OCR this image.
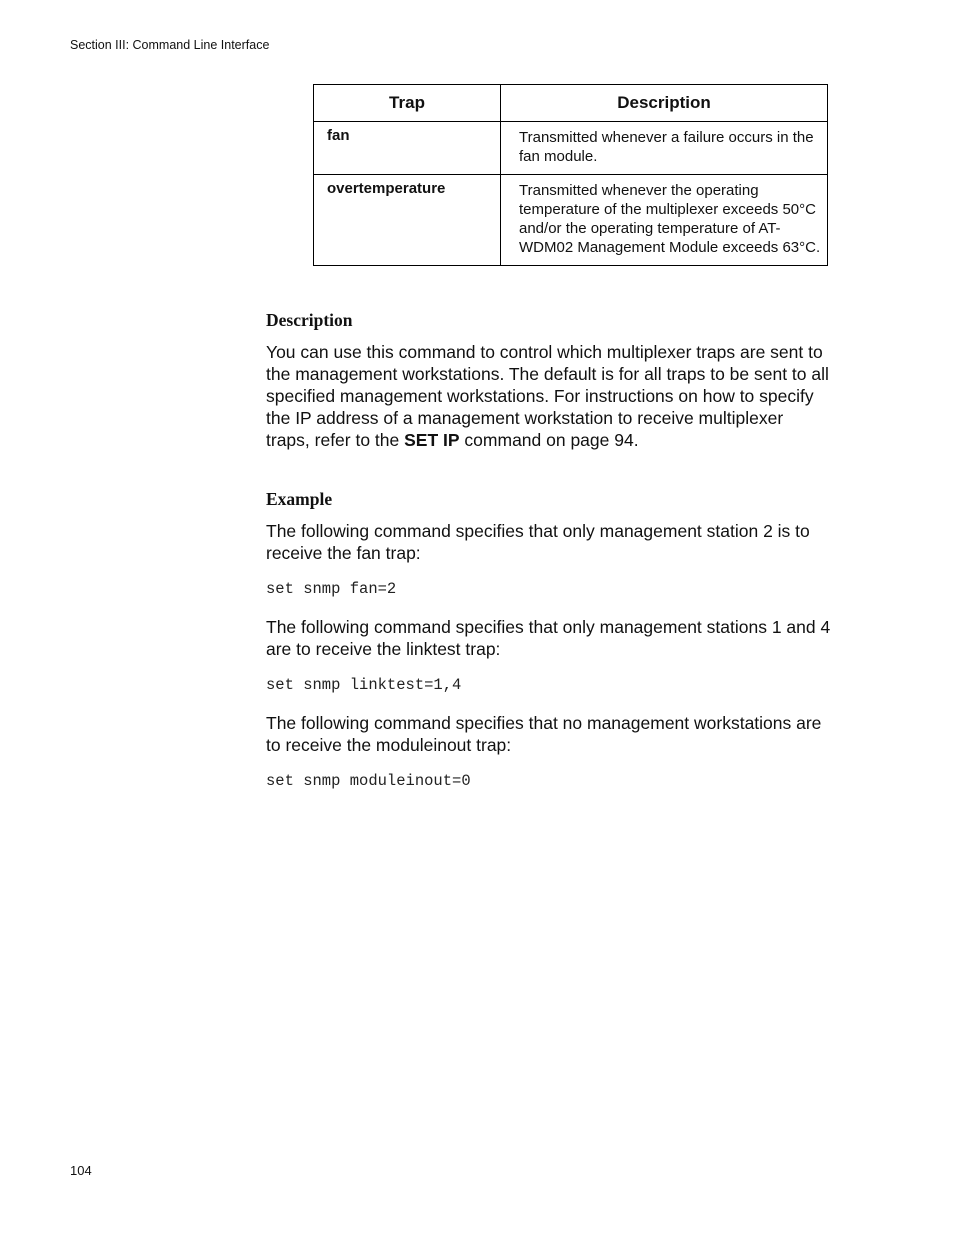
Section III: Command Line Interface
Trap	Description
fan	Transmitted whenever a failure occurs in the fan module.
overtemperature	Transmitted whenever the operating temperature of the multiplexer exceeds 50°C and/or the operating temperature of AT-WDM02 Management Module exceeds 63°C.
Description

You can use this command to control which multiplexer traps are sent to the management workstations. The default is for all traps to be sent to all specified management workstations. For instructions on how to specify the IP address of a management workstation to receive multiplexer traps, refer to the SET IP command on page 94.

Example

The following command specifies that only management station 2 is to receive the fan trap:

set snmp fan=2

The following command specifies that only management stations 1 and 4 are to receive the linktest trap:

set snmp linktest=1,4

The following command specifies that no management workstations are to receive the moduleinout trap:

set snmp moduleinout=0
104
